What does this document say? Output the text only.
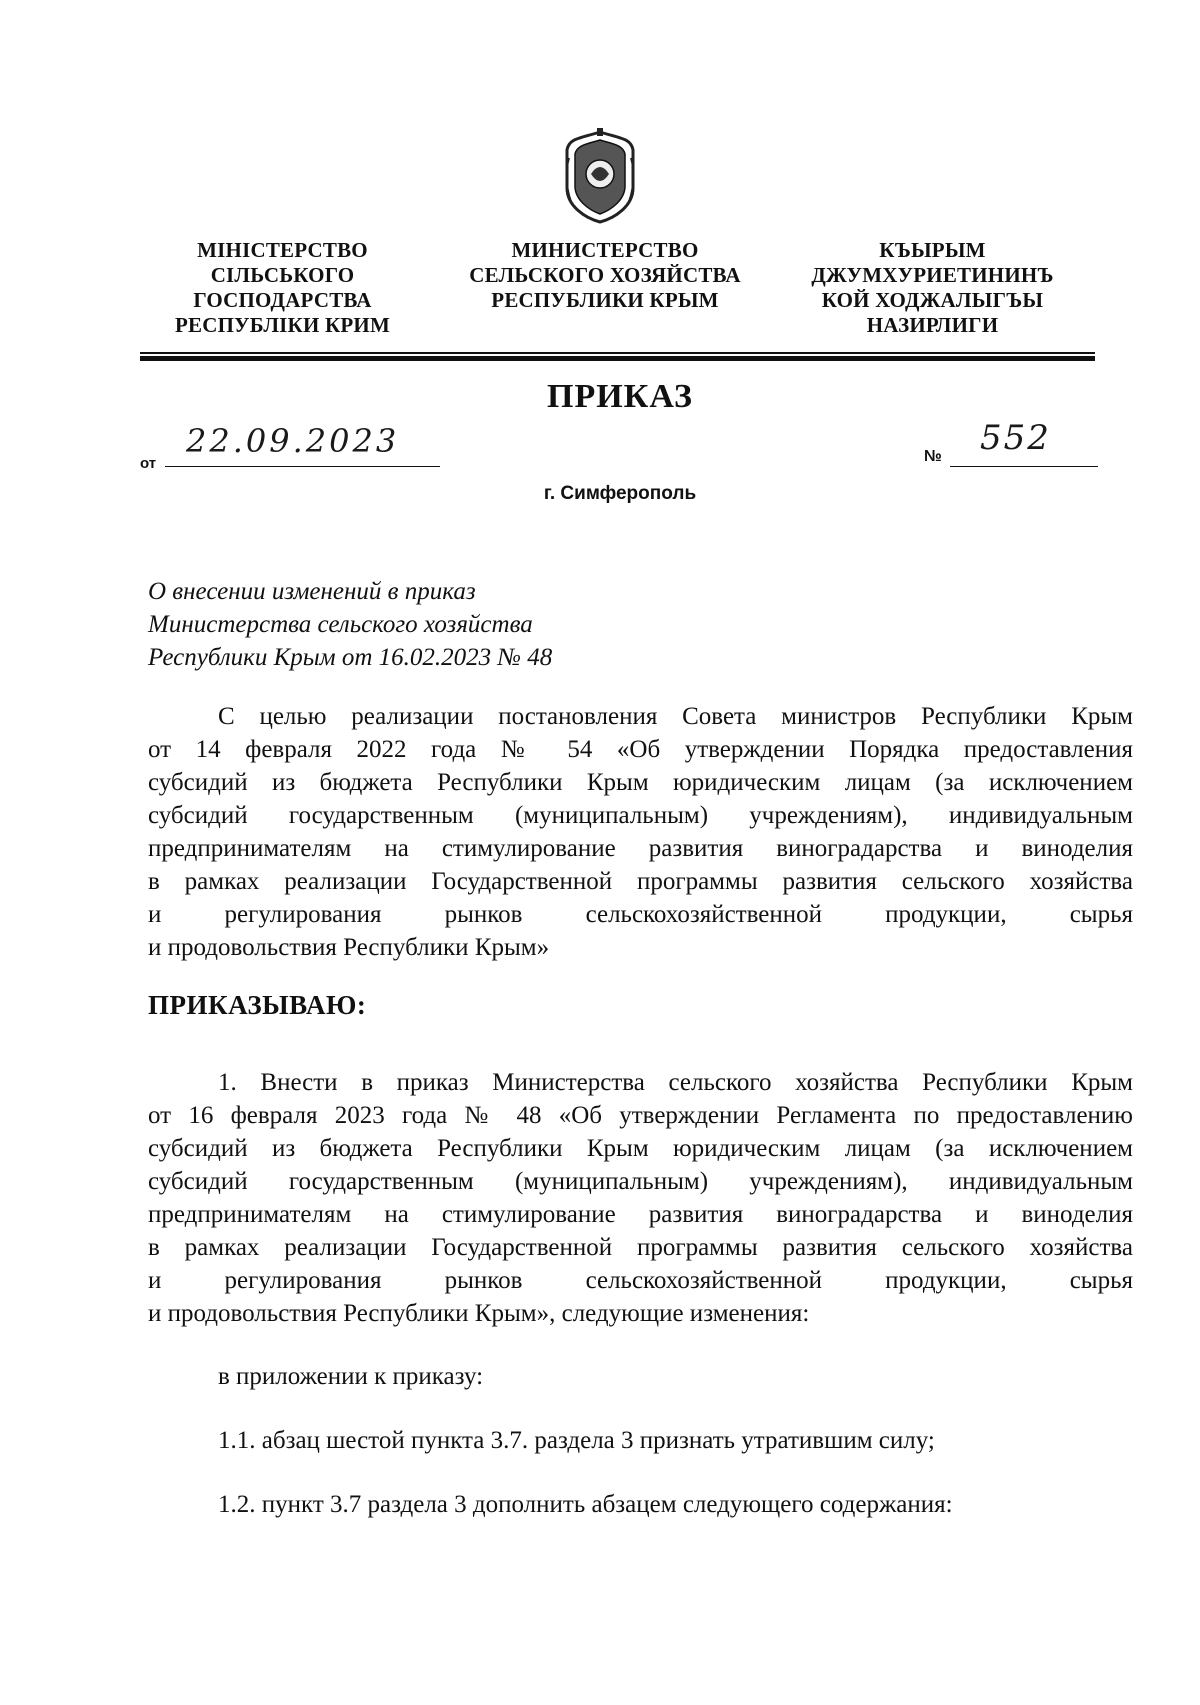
МІНІСТЕРСТВО
СІЛЬСЬКОГО
ГОСПОДАРСТВА
РЕСПУБЛІКИ КРИМ
МИНИСТЕРСТВО
СЕЛЬСКОГО ХОЗЯЙСТВА
РЕСПУБЛИКИ КРЫМ
КЪЫРЫМ
ДЖУМХУРИЕТИНИНЪ
КОЙ ХОДЖАЛЫГЪЫ
НАЗИРЛИГИ
ПРИКАЗ
от
22.09.2023	№ 552
г. Симферополь
О внесении изменений в приказ
Министерства сельского хозяйства
Республики Крым от 16.02.2023 № 48
С целью реализации постановления Совета министров Республики Крым
от 14 февраля 2022 года № 54 «Об утверждении Порядка предоставления
субсидий из бюджета Республики Крым юридическим лицам (за исключением
субсидий государственным (муниципальным) учреждениям), индивидуальным
предпринимателям на стимулирование развития виноградарства и виноделия
в рамках реализации Государственной программы развития сельского хозяйства
и регулирования рынков сельскохозяйственной продукции, сырья
и продовольствия Республики Крым»
ПРИКАЗЫВАЮ:
1. Внести в приказ Министерства сельского хозяйства Республики Крым
от 16 февраля 2023 года № 48 «Об утверждении Регламента по предоставлению
субсидий из бюджета Республики Крым юридическим лицам (за исключением
субсидий государственным (муниципальным) учреждениям), индивидуальным
предпринимателям на стимулирование развития виноградарства и виноделия
в рамках реализации Государственной программы развития сельского хозяйства
и регулирования рынков сельскохозяйственной продукции, сырья
и продовольствия Республики Крым», следующие изменения:
в приложении к приказу:
1.1. абзац шестой пункта 3.7. раздела 3 признать утратившим силу;
1.2. пункт 3.7 раздела 3 дополнить абзацем следующего содержания:
